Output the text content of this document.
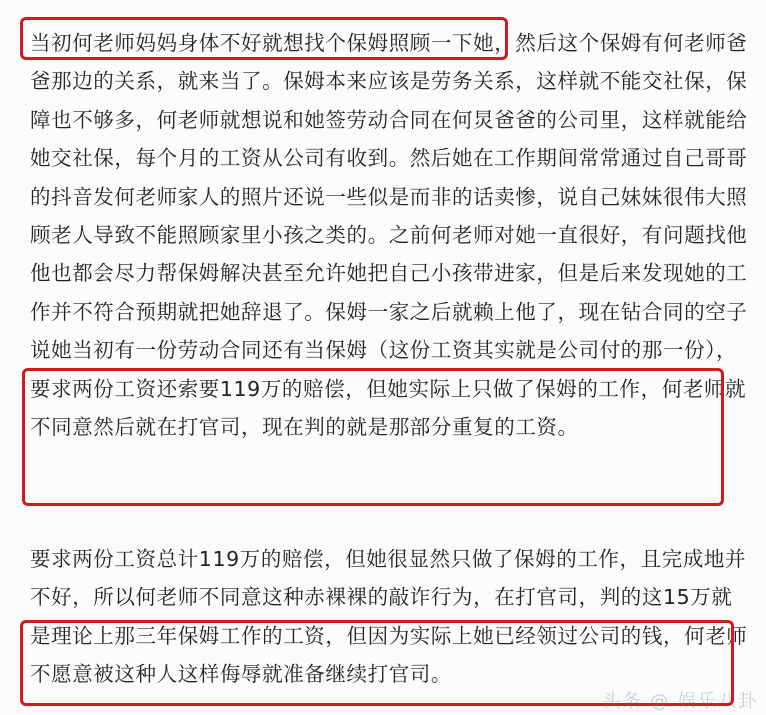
当初何老师妈妈身体不好就想找个保姆照顾一下她，然后这个保姆有何老师爸
爸那边的关系，就来当了。保姆本来应该是劳务关系，这样就不能交社保，保
障也不够多，何老师就想说和她签劳动合同在何炅爸爸的公司里，这样就能给
她交社保，每个月的工资从公司有收到。然后她在工作期间常常通过自己哥哥
的抖音发何老师家人的照片还说一些似是而非的话卖惨，说自己妹妹很伟大照
顾老人导致不能照顾家里小孩之类的。之前何老师对她一直很好，有问题找他
他也都会尽力帮保姆解决甚至允许她把自己小孩带进家，但是后来发现她的工
作并不符合预期就把她辞退了。保姆一家之后就赖上他了，现在钻合同的空子
说她当初有一份劳动合同还有当保姆（这份工资其实就是公司付的那一份），
要求两份工资还索要119万的赔偿，但她实际上只做了保姆的工作，何老师就
不同意然后就在打官司，现在判的就是那部分重复的工资。
要求两份工资总计119万的赔偿，但她很显然只做了保姆的工作，且完成地并
不好，所以何老师不同意这种赤裸裸的敲诈行为，在打官司，判的这15万就
是理论上那三年保姆工作的工资，但因为实际上她已经领过公司的钱，何老师
不愿意被这种人这样侮辱就准备继续打官司。
头条 @ 娱乐八卦
